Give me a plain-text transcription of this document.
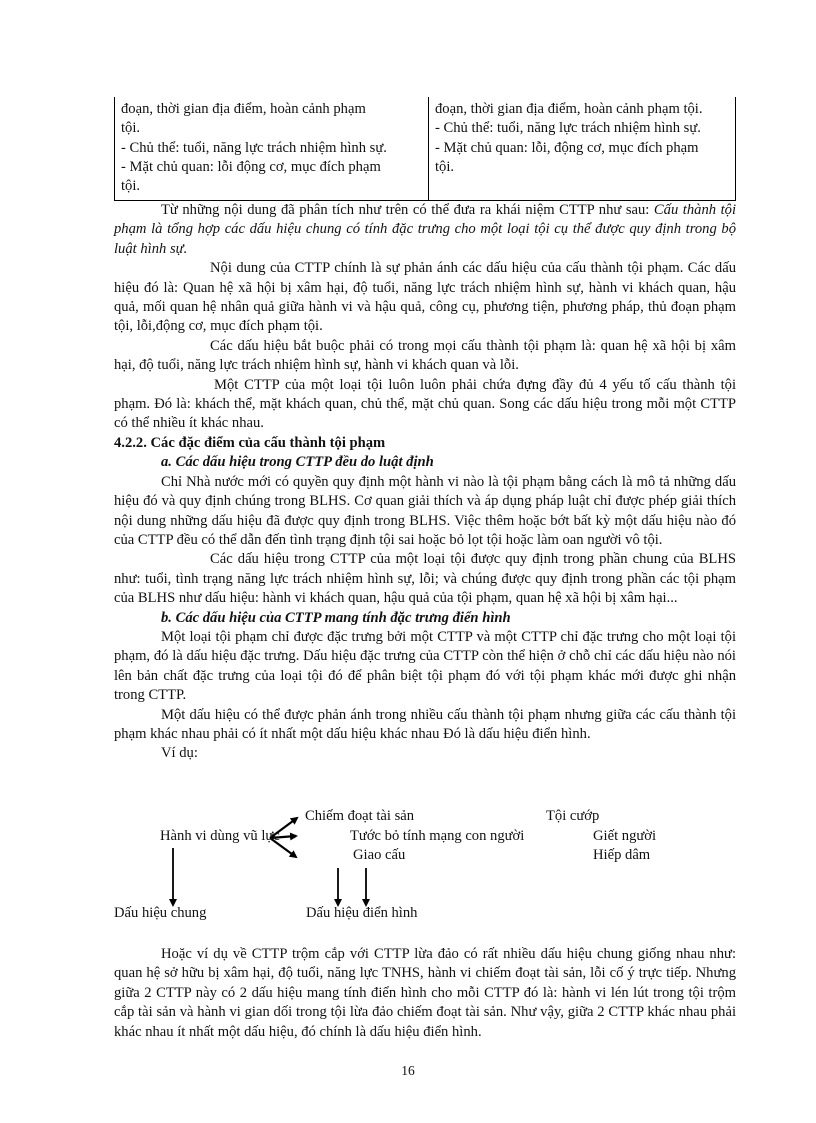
đoạn, thời gian địa điểm, hoàn cảnh phạm
tội.
- Chủ thể: tuổi, năng lực trách nhiệm hình sự.
- Mặt chủ quan: lỗi động cơ, mục đích phạm
tội.

đoạn, thời gian địa điểm, hoàn cảnh phạm tội.
- Chủ thể: tuổi, năng lực trách nhiệm hình sự.
- Mặt chủ quan: lỗi, động cơ, mục đích phạm
tội.

Từ những nội dung đã phân tích như trên có thể đưa ra khái niệm CTTP như sau: Cấu thành tội phạm là tổng hợp các dấu hiệu chung có tính đặc trưng cho một loại tội cụ thể được quy định trong bộ luật hình sự.

Nội dung của CTTP chính là sự phản ánh các dấu hiệu của cấu thành tội phạm. Các dấu hiệu đó là: Quan hệ xã hội bị xâm hại, độ tuổi, năng lực trách nhiệm hình sự, hành vi khách quan, hậu quả, mối quan hệ nhân quả giữa hành vi và hậu quả, công cụ, phương tiện, phương pháp, thủ đoạn phạm tội, lỗi,động cơ, mục đích phạm tội.

Các dấu hiệu bắt buộc phải có trong mọi cấu thành tội phạm là: quan hệ xã hội bị xâm hại, độ tuổi, năng lực trách nhiệm hình sự, hành vi khách quan và lỗi.

Một CTTP của một loại tội luôn luôn phải chứa đựng đầy đủ 4 yếu tố cấu thành tội phạm. Đó là: khách thể, mặt khách quan, chủ thể, mặt chủ quan. Song các dấu hiệu trong mỗi một CTTP có thể nhiều ít khác nhau.

4.2.2. Các đặc điểm của cấu thành tội phạm

a. Các dấu hiệu trong CTTP đều do luật định

Chỉ Nhà nước mới có quyền quy định một hành vi nào là tội phạm bằng cách là mô tả những dấu hiệu đó và quy định chúng trong BLHS. Cơ quan giải thích và áp dụng pháp luật chỉ được phép giải thích nội dung những dấu hiệu đã được quy định trong BLHS. Việc thêm hoặc bớt bất kỳ một dấu hiệu nào đó của CTTP đều có thể dẫn đến tình trạng định tội sai hoặc bỏ lọt tội hoặc làm oan người vô tội.

Các dấu hiệu trong CTTP của một loại tội được quy định trong phần chung của BLHS như: tuổi, tình trạng năng lực trách nhiệm hình sự, lỗi; và chúng được quy định trong phần các tội phạm của BLHS như dấu hiệu: hành vi khách quan, hậu quả của tội phạm, quan hệ xã hội bị xâm hại...

b. Các dấu hiệu của CTTP mang tính đặc trưng điển hình

Một loại tội phạm chỉ được đặc trưng bởi một CTTP và một CTTP chỉ đặc trưng cho một loại tội phạm, đó là dấu hiệu đặc trưng. Dấu hiệu đặc trưng của CTTP còn thể hiện ở chỗ chỉ các dấu hiệu nào nói lên bản chất đặc trưng của loại tội đó để phân biệt tội phạm đó với tội phạm khác mới được ghi nhận trong CTTP.

Một dấu hiệu có thể được phản ánh trong nhiều cấu thành tội phạm nhưng giữa các cấu thành tội phạm khác nhau phải có ít nhất một dấu hiệu khác nhau Đó là dấu hiệu điển hình.

Ví dụ:

Chiếm đoạt tài sản	Tội cướp
Hành vi dùng vũ lực	Tước bỏ tính mạng con người	Giết người
Giao cấu	Hiếp dâm
Dấu hiệu chung	Dấu hiệu điển hình

Hoặc ví dụ về CTTP trộm cắp với CTTP lừa đảo có rất nhiều dấu hiệu chung giống nhau như: quan hệ sở hữu bị xâm hại, độ tuổi, năng lực TNHS, hành vi chiếm đoạt tài sản, lỗi cố ý trực tiếp. Nhưng giữa 2 CTTP này có 2 dấu hiệu mang tính điển hình cho mỗi CTTP đó là: hành vi lén lút trong tội trộm cắp tài sản và hành vi gian dối trong tội lừa đảo chiếm đoạt tài sản. Như vậy, giữa 2 CTTP khác nhau phải khác nhau ít nhất một dấu hiệu, đó chính là dấu hiệu điển hình.

16
